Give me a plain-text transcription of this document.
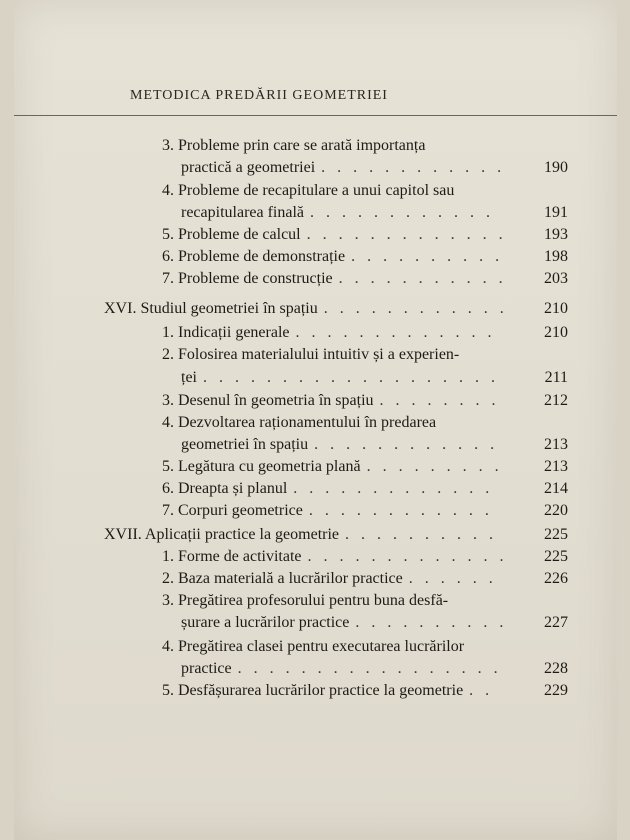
METODICA PREDĂRII GEOMETRIEI
3. Probleme prin care se arată importanța
practică a geometriei . . . . . . . . . . . .	190
4. Probleme de recapitulare a unui capitol sau
recapitularea finală . . . . . . . . . . . .	191
5. Probleme de calcul . . . . . . . . . . . . .	193
6. Probleme de demonstrație . . . . . . . . . .	198
7. Probleme de construcție . . . . . . . . . . .	203
XVI. Studiul geometriei în spațiu . . . . . . . . . . . .	210
1. Indicații generale . . . . . . . . . . . . .	210
2. Folosirea materialului intuitiv și a experien-
ței . . . . . . . . . . . . . . . . . . .	211
3. Desenul în geometria în spațiu . . . . . . . .	212
4. Dezvoltarea raționamentului în predarea
geometriei în spațiu . . . . . . . . . . . .	213
5. Legătura cu geometria plană . . . . . . . . .	213
6. Dreapta și planul . . . . . . . . . . . . .	214
7. Corpuri geometrice . . . . . . . . . . . .	220
XVII. Aplicații practice la geometrie . . . . . . . . . .	225
1. Forme de activitate . . . . . . . . . . . . .	225
2. Baza materială a lucrărilor practice . . . . . .	226
3. Pregătirea profesorului pentru buna desfă-
șurare a lucrărilor practice . . . . . . . . . .	227
4. Pregătirea clasei pentru executarea lucrărilor
practice . . . . . . . . . . . . . . . . .	228
5. Desfășurarea lucrărilor practice la geometrie . .	229
